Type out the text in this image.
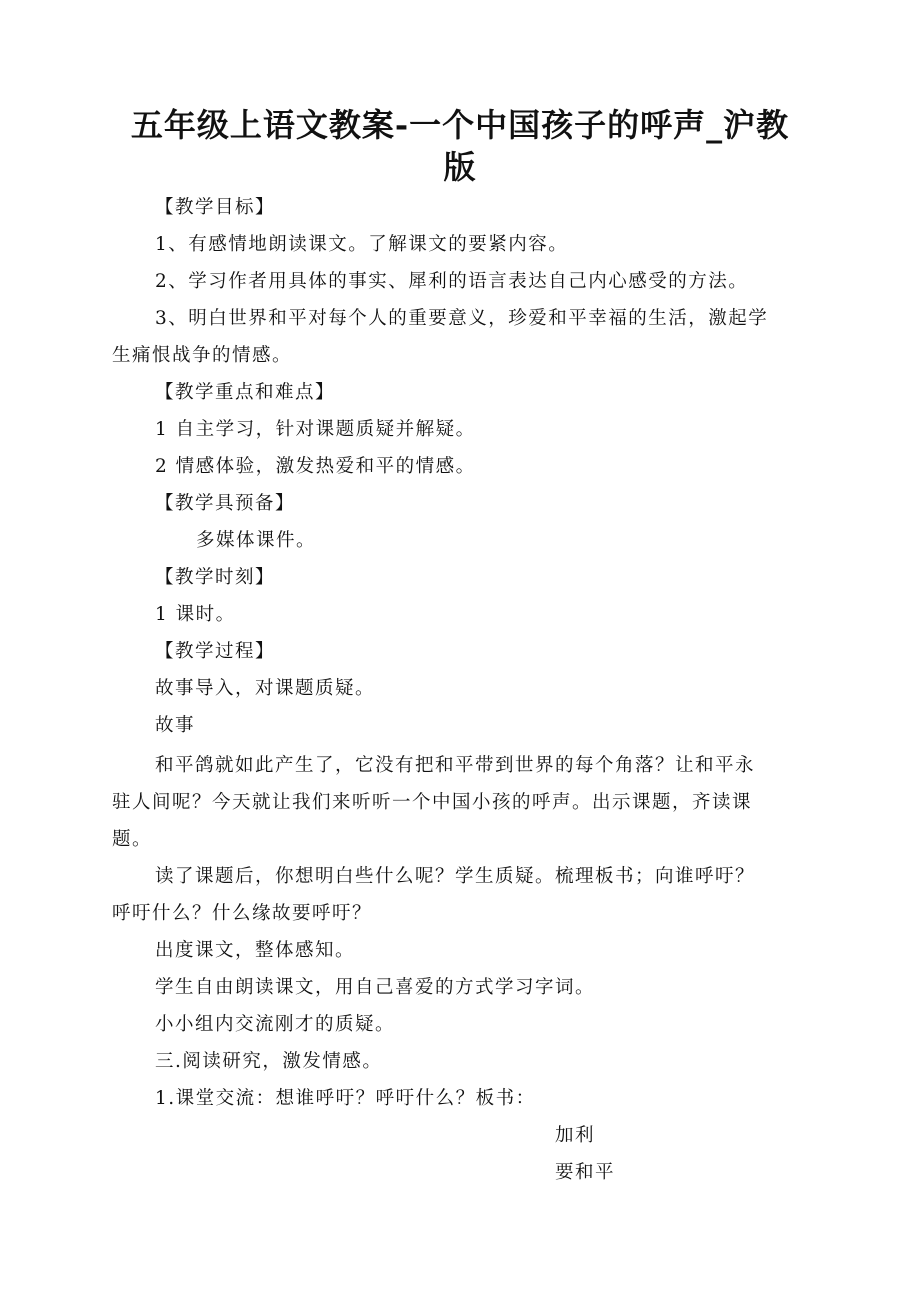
五年级上语文教案-一个中国孩子的呼声_沪教
版
【教学目标】
1、有感情地朗读课文。了解课文的要紧内容。
2、学习作者用具体的事实、犀利的语言表达自己内心感受的方法。
3、明白世界和平对每个人的重要意义，珍爱和平幸福的生活，激起学
生痛恨战争的情感。
【教学重点和难点】
1 自主学习，针对课题质疑并解疑。
2 情感体验，激发热爱和平的情感。
【教学具预备】
多媒体课件。
【教学时刻】
1 课时。
【教学过程】
故事导入，对课题质疑。
故事
和平鸽就如此产生了，它没有把和平带到世界的每个角落？让和平永
驻人间呢？今天就让我们来听听一个中国小孩的呼声。出示课题，齐读课
题。
读了课题后，你想明白些什么呢？学生质疑。梳理板书；向谁呼吁？
呼吁什么？什么缘故要呼吁？
出度课文，整体感知。
学生自由朗读课文，用自己喜爱的方式学习字词。
小小组内交流刚才的质疑。
三.阅读研究，激发情感。
1.课堂交流：想谁呼吁？呼吁什么？板书：
加利
要和平
